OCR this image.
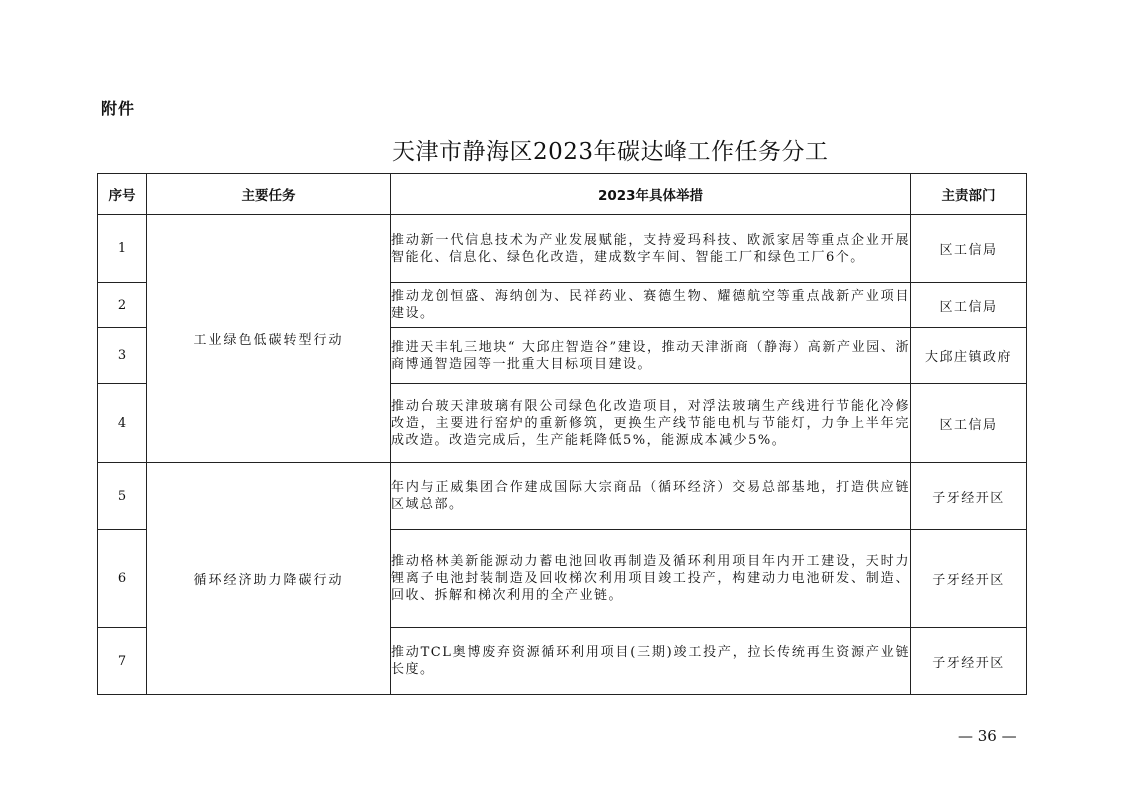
附件
天津市静海区2023年碳达峰工作任务分工
序号	主要任务	2023年具体举措	主责部门
1	工业绿色低碳转型行动	推动新一代信息技术为产业发展赋能，支持爱玛科技、欧派家居等重点企业开展智能化、信息化、绿色化改造，建成数字车间、智能工厂和绿色工厂6个。	区工信局
2		推动龙创恒盛、海纳创为、民祥药业、赛德生物、耀德航空等重点战新产业项目建设。	区工信局
3		推进天丰轧三地块“ 大邱庄智造谷”建设，推动天津浙商（静海）高新产业园、浙商博通智造园等一批重大目标项目建设。	大邱庄镇政府
4		推动台玻天津玻璃有限公司绿色化改造项目，对浮法玻璃生产线进行节能化冷修改造，主要进行窑炉的重新修筑，更换生产线节能电机与节能灯，力争上半年完成改造。改造完成后，生产能耗降低5%，能源成本减少5%。	区工信局
5	循环经济助力降碳行动	年内与正威集团合作建成国际大宗商品（循环经济）交易总部基地，打造供应链区域总部。	子牙经开区
6		推动格林美新能源动力蓄电池回收再制造及循环利用项目年内开工建设，天时力锂离子电池封装制造及回收梯次利用项目竣工投产，构建动力电池研发、制造、回收、拆解和梯次利用的全产业链。	子牙经开区
7		推动TCL奥博废弃资源循环利用项目(三期)竣工投产，拉长传统再生资源产业链长度。	子牙经开区
— 36 —
